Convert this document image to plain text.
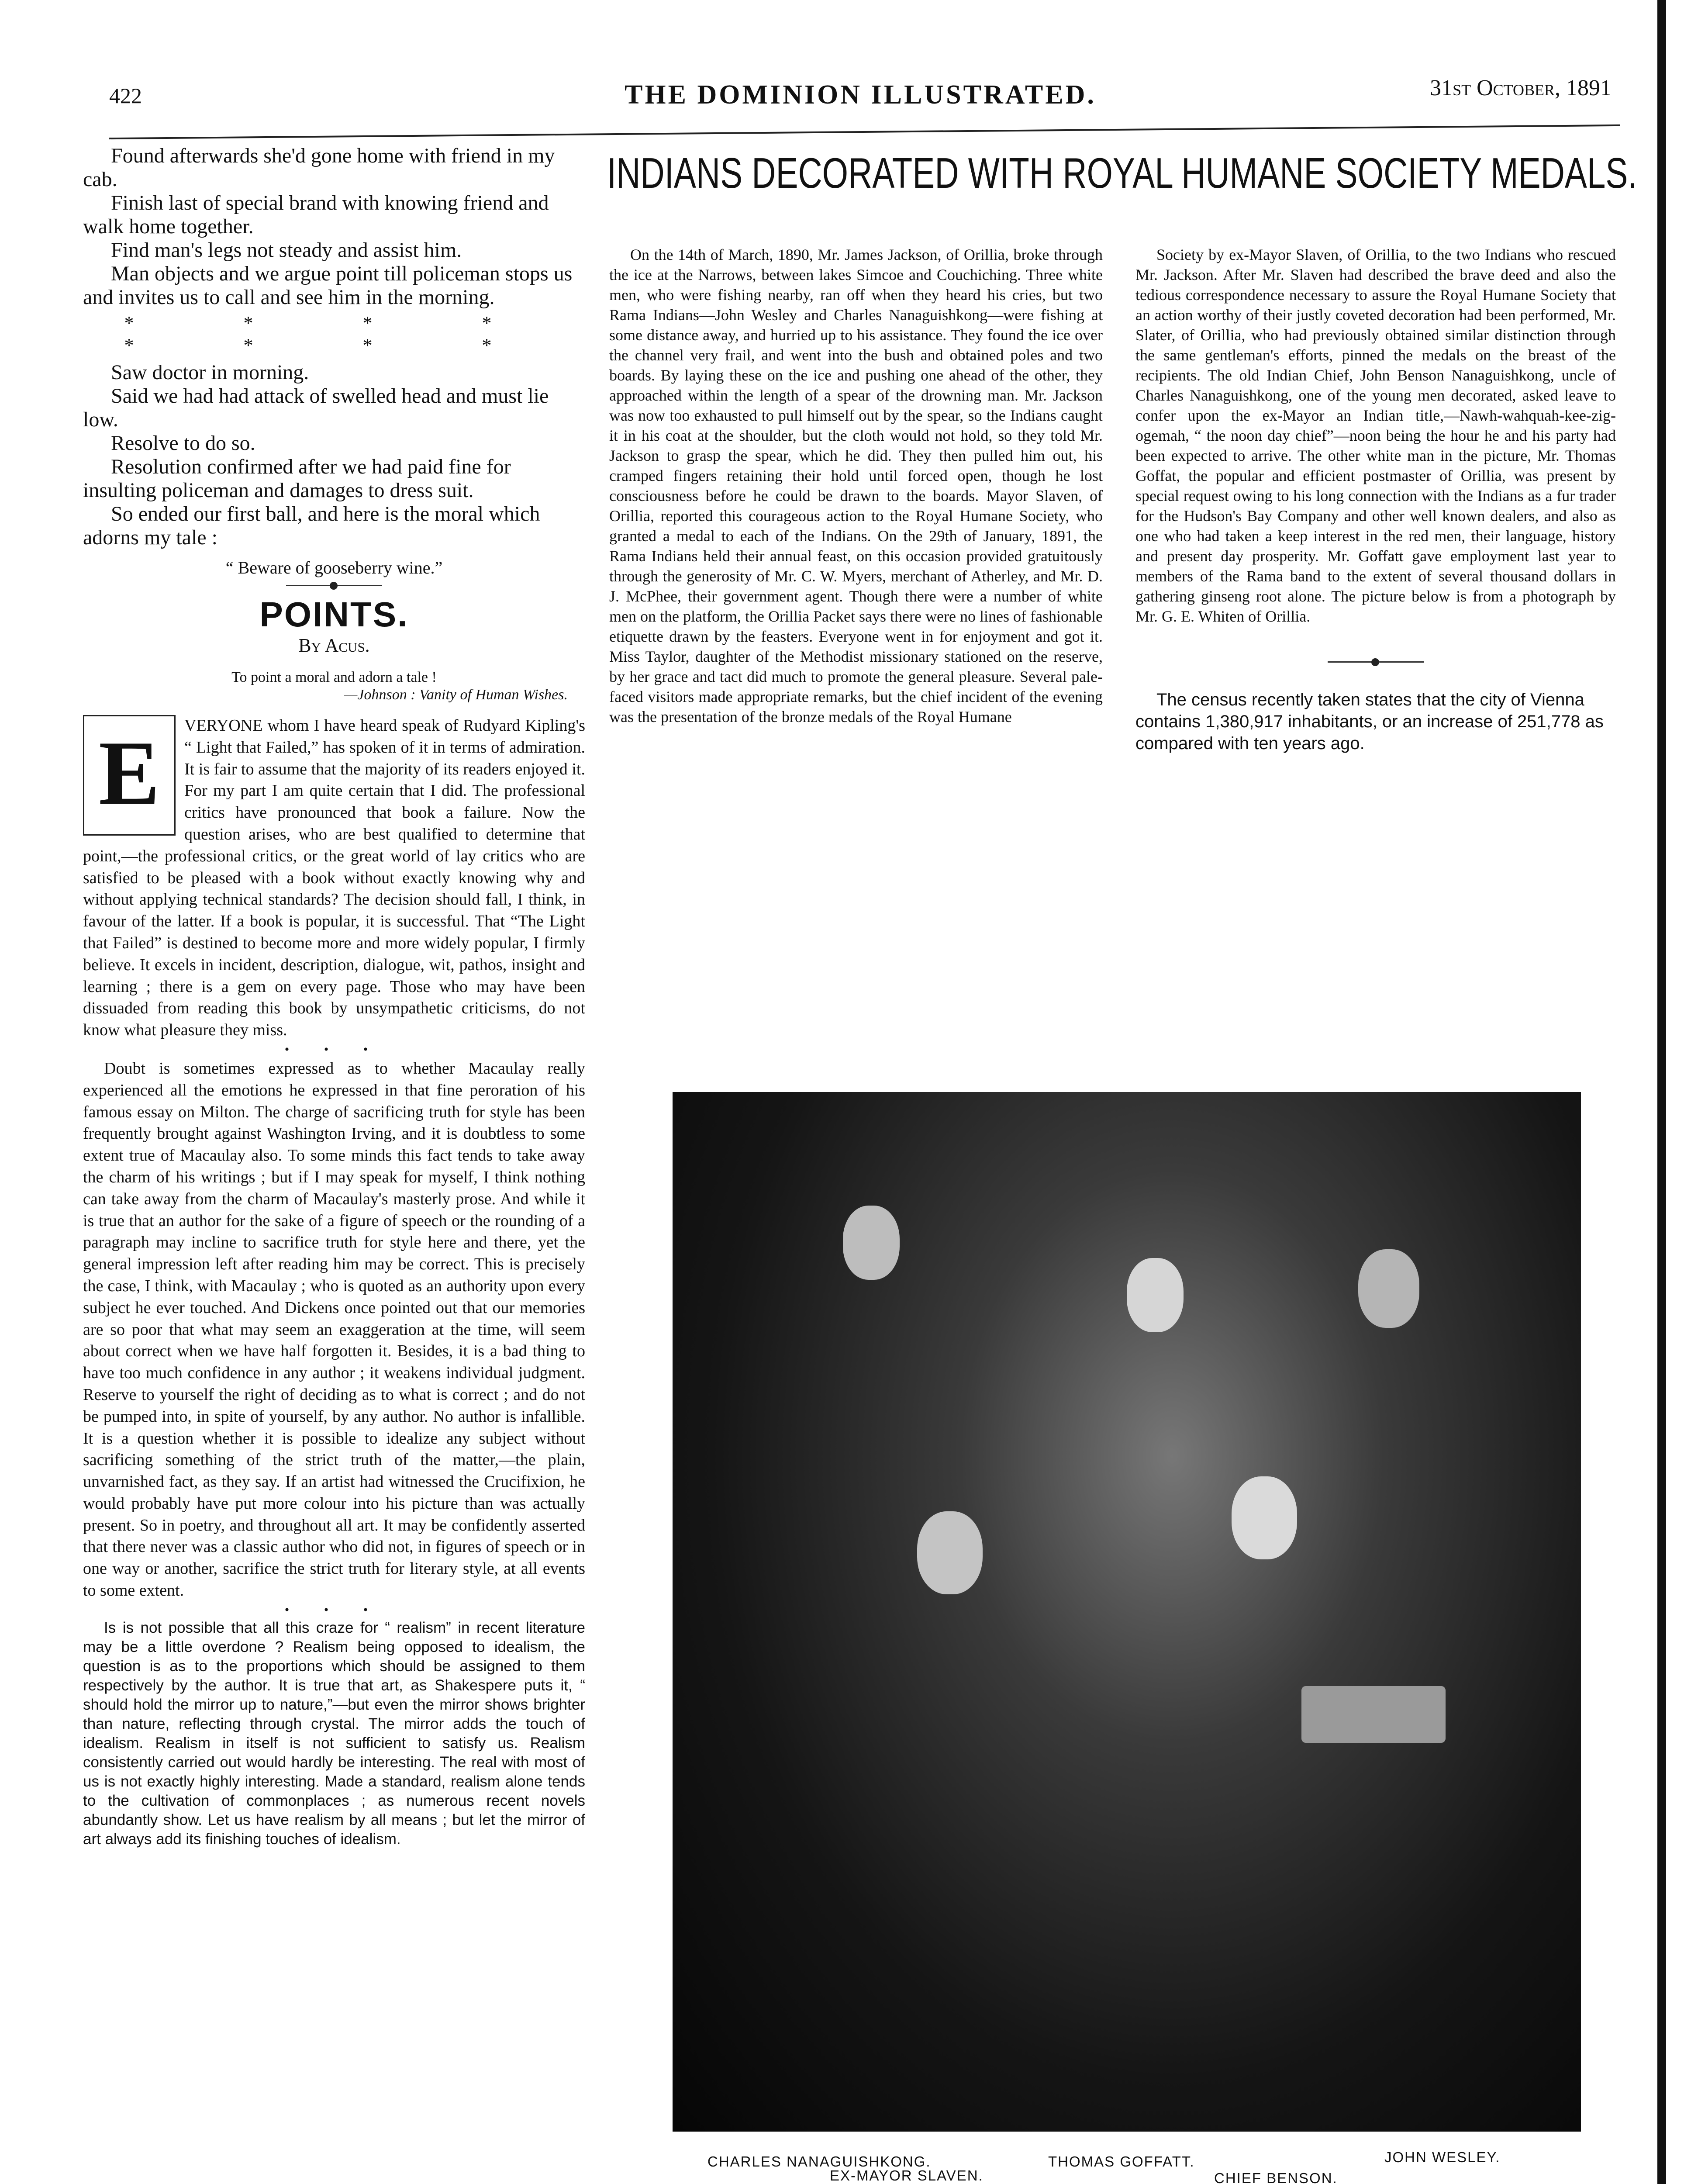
422	THE DOMINION ILLUSTRATED.	31st October, 1891

Found afterwards she'd gone home with friend in my cab.

Finish last of special brand with knowing friend and walk home together.

Find man's legs not steady and assist him.

Man objects and we argue point till policeman stops us and invites us to call and see him in the morning.

* * * * * * * *

Saw doctor in morning.

Said we had had attack of swelled head and must lie low.

Resolve to do so.

Resolution confirmed after we had paid fine for insulting policeman and damages to dress suit.

So ended our first ball, and here is the moral which adorns my tale :

“ Beware of gooseberry wine.”
POINTS.
By Acus.
To point a moral and adorn a tale !
—Johnson : Vanity of Human Wishes.
E	VERYONE whom I have heard speak of Rudyard Kipling's “ Light that Failed,” has spoken of it in terms of admiration. It is fair to assume that the majority of its readers enjoyed it. For my part I am quite certain that I did. The professional critics have pronounced that book a failure. Now the question arises, who are best qualified to determine that point,—the professional critics, or the great world of lay critics who are satisfied to be pleased with a book without exactly knowing why and without applying technical standards? The decision should fall, I think, in favour of the latter. If a book is popular, it is successful. That “The Light that Failed” is destined to become more and more widely popular, I firmly believe. It excels in incident, description, dialogue, wit, pathos, insight and learning ; there is a gem on every page. Those who may have been dissuaded from reading this book by unsympathetic criticisms, do not know what pleasure they miss.

• • •

Doubt is sometimes expressed as to whether Macaulay really experienced all the emotions he expressed in that fine peroration of his famous essay on Milton. The charge of sacrificing truth for style has been frequently brought against Washington Irving, and it is doubtless to some extent true of Macaulay also. To some minds this fact tends to take away the charm of his writings ; but if I may speak for myself, I think nothing can take away from the charm of Macaulay's masterly prose. And while it is true that an author for the sake of a figure of speech or the rounding of a paragraph may incline to sacrifice truth for style here and there, yet the general impression left after reading him may be correct. This is precisely the case, I think, with Macaulay ; who is quoted as an authority upon every subject he ever touched. And Dickens once pointed out that our memories are so poor that what may seem an exaggeration at the time, will seem about correct when we have half forgotten it. Besides, it is a bad thing to have too much confidence in any author ; it weakens individual judgment. Reserve to yourself the right of deciding as to what is correct ; and do not be pumped into, in spite of yourself, by any author. No author is infallible. It is a question whether it is possible to idealize any subject without sacrificing something of the strict truth of the matter,—the plain, unvarnished fact, as they say. If an artist had witnessed the Crucifixion, he would probably have put more colour into his picture than was actually present. So in poetry, and throughout all art. It may be confidently asserted that there never was a classic author who did not, in figures of speech or in one way or another, sacrifice the strict truth for literary style, at all events to some extent.

• • •

Is is not possible that all this craze for “ realism” in recent literature may be a little overdone ? Realism being opposed to idealism, the question is as to the proportions which should be assigned to them respectively by the author. It is true that art, as Shakespere puts it, “ should hold the mirror up to nature,”—but even the mirror shows brighter than nature, reflecting through crystal. The mirror adds the touch of idealism. Realism in itself is not sufficient to satisfy us. Realism consistently carried out would hardly be interesting. The real with most of us is not exactly highly interesting. Made a standard, realism alone tends to the cultivation of commonplaces ; as numerous recent novels abundantly show. Let us have realism by all means ; but let the mirror of art always add its finishing touches of idealism.

INDIANS DECORATED WITH ROYAL HUMANE SOCIETY MEDALS.

On the 14th of March, 1890, Mr. James Jackson, of Orillia, broke through the ice at the Narrows, between lakes Simcoe and Couchiching. Three white men, who were fishing nearby, ran off when they heard his cries, but two Rama Indians—John Wesley and Charles Nanaguishkong—were fishing at some distance away, and hurried up to his assistance. They found the ice over the channel very frail, and went into the bush and obtained poles and two boards. By laying these on the ice and pushing one ahead of the other, they approached within the length of a spear of the drowning man. Mr. Jackson was now too exhausted to pull himself out by the spear, so the Indians caught it in his coat at the shoulder, but the cloth would not hold, so they told Mr. Jackson to grasp the spear, which he did. They then pulled him out, his cramped fingers retaining their hold until forced open, though he lost consciousness before he could be drawn to the boards. Mayor Slaven, of Orillia, reported this courageous action to the Royal Humane Society, who granted a medal to each of the Indians. On the 29th of January, 1891, the Rama Indians held their annual feast, on this occasion provided gratuitously through the generosity of Mr. C. W. Myers, merchant of Atherley, and Mr. D. J. McPhee, their government agent. Though there were a number of white men on the platform, the Orillia Packet says there were no lines of fashionable etiquette drawn by the feasters. Everyone went in for enjoyment and got it. Miss Taylor, daughter of the Methodist missionary stationed on the reserve, by her grace and tact did much to promote the general pleasure. Several pale-faced visitors made appropriate remarks, but the chief incident of the evening was the presentation of the bronze medals of the Royal Humane

Society by ex-Mayor Slaven, of Orillia, to the two Indians who rescued Mr. Jackson. After Mr. Slaven had described the brave deed and also the tedious correspondence necessary to assure the Royal Humane Society that an action worthy of their justly coveted decoration had been performed, Mr. Slater, of Orillia, who had previously obtained similar distinction through the same gentleman's efforts, pinned the medals on the breast of the recipients. The old Indian Chief, John Benson Nanaguishkong, uncle of Charles Nanaguishkong, one of the young men decorated, asked leave to confer upon the ex-Mayor an Indian title,—Nawh-wahquah-kee-zig-ogemah, “ the noon day chief”—noon being the hour he and his party had been expected to arrive. The other white man in the picture, Mr. Thomas Goffat, the popular and efficient postmaster of Orillia, was present by special request owing to his long connection with the Indians as a fur trader for the Hudson's Bay Company and other well known dealers, and also as one who had taken a keep interest in the red men, their language, history and present day prosperity. Mr. Goffatt gave employment last year to members of the Rama band to the extent of several thousand dollars in gathering ginseng root alone. The picture below is from a photograph by Mr. G. E. Whiten of Orillia.

The census recently taken states that the city of Vienna contains 1,380,917 inhabitants, or an increase of 251,778 as compared with ten years ago.

CHARLES NANAGUISHKONG.	THOMAS GOFFATT.	JOHN WESLEY.
EX-MAYOR SLAVEN.	CHIEF BENSON.
